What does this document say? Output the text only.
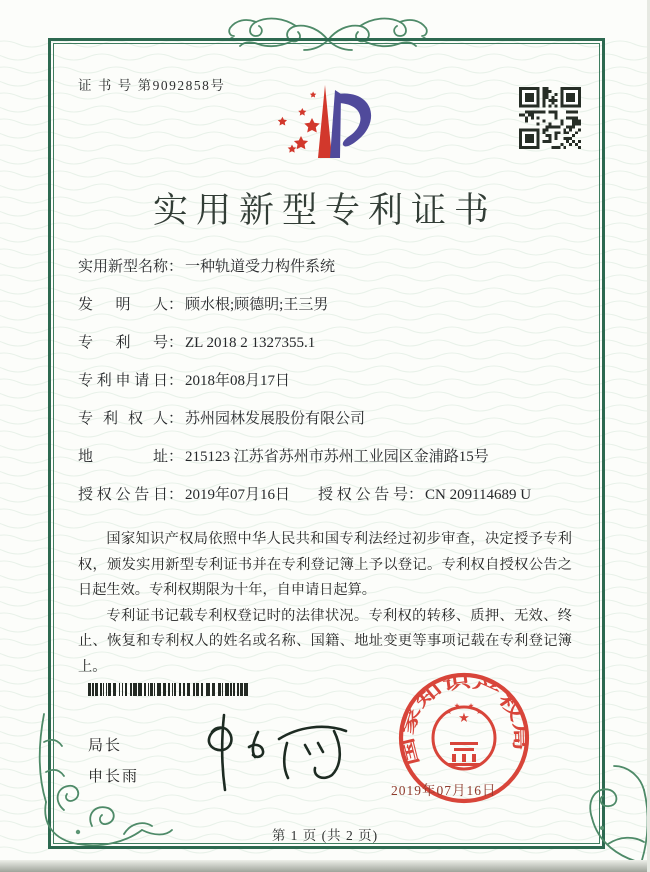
证 书 号 第9092858号
实用新型专利证书
实用新型名称 ： 一种轨道受力构件系统
发明人 ： 顾水根;顾德明;王三男
专利号 ： ZL 2018 2 1327355.1
专利申请日 ： 2018年08月17日
专利权人 ： 苏州园林发展股份有限公司
地址 ： 215123 江苏省苏州市苏州工业园区金浦路15号
授权公告日 ： 2019年07月16日 授权公告号 ： CN 209114689 U

国家知识产权局依照中华人民共和国专利法经过初步审查，决定授予专利权，颁发实用新型专利证书并在专利登记簿上予以登记。专利权自授权公告之日起生效。专利权期限为十年，自申请日起算。

专利证书记载专利权登记时的法律状况。专利权的转移、质押、无效、终止、恢复和专利权人的姓名或名称、国籍、地址变更等事项记载在专利登记簿上。

局长
申长雨
国家知识产权局
★
★
★ ★
★
2019年07月16日
第 1 页 (共 2 页)
